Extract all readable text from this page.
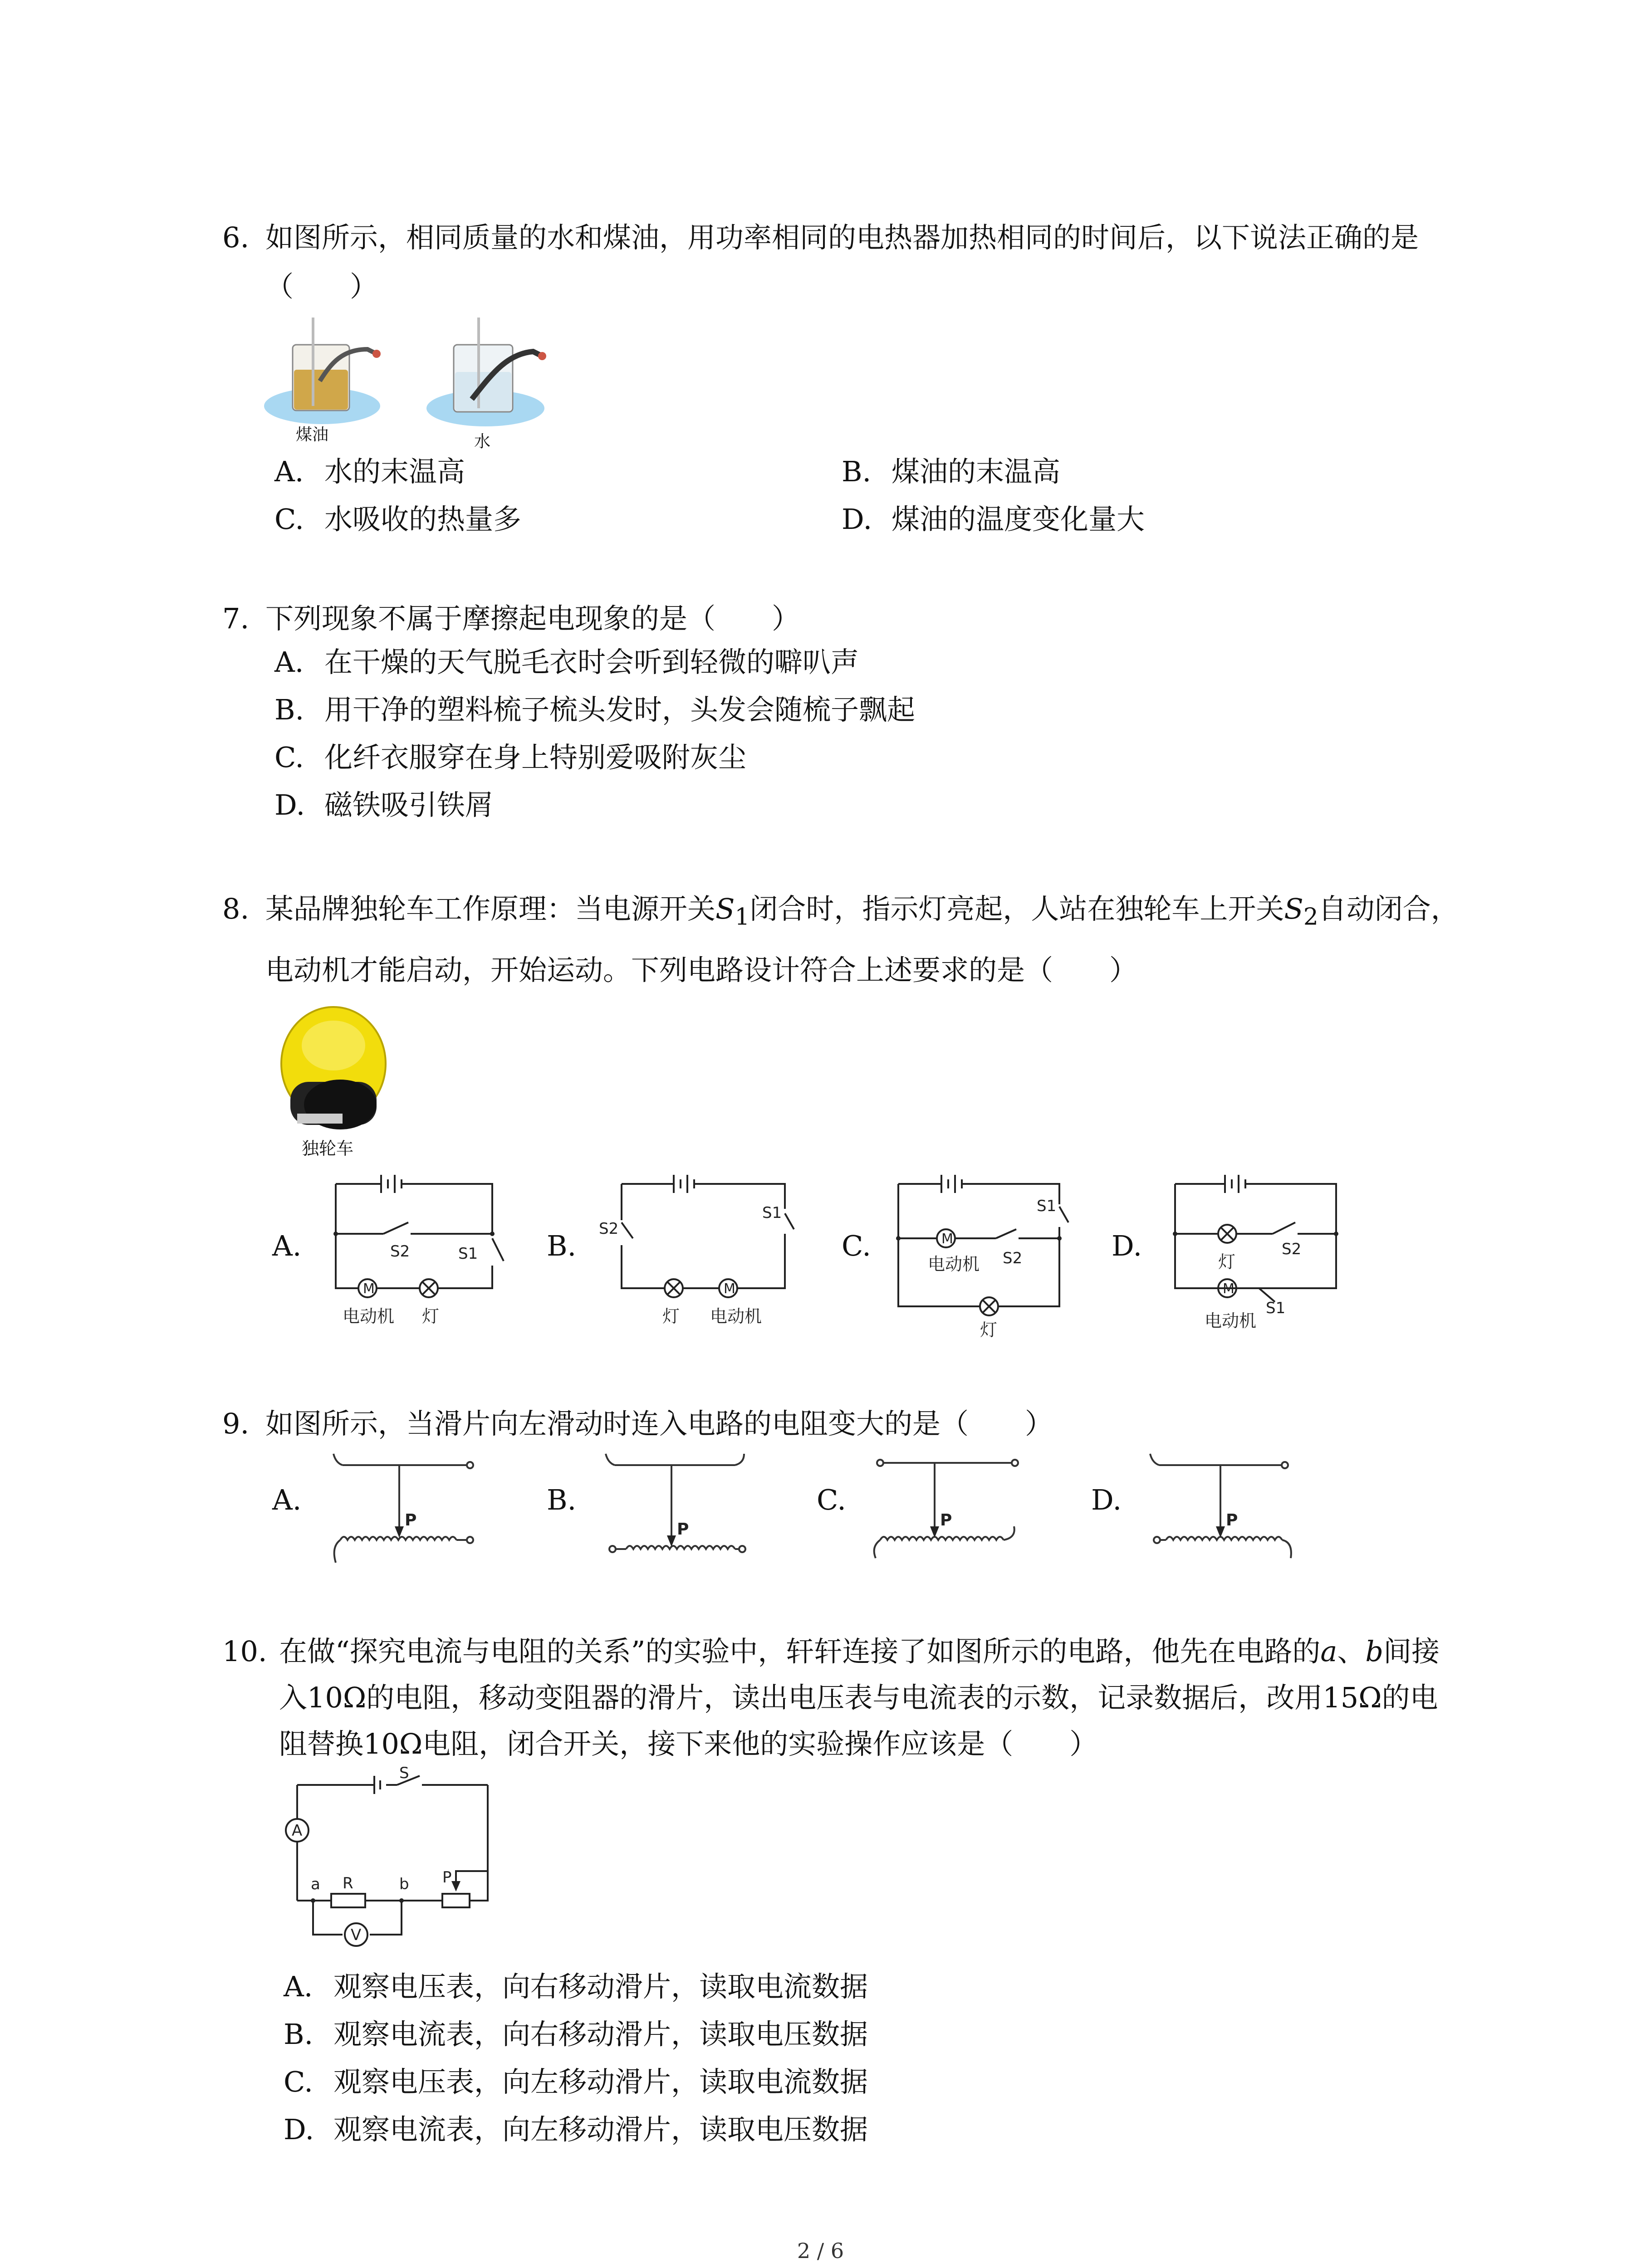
6. 如图所示，相同质量的水和煤油，用功率相同的电热器加热相同的时间后，以下说法正确的是（　　）
煤油	水
A. 水的末温高	B. 煤油的末温高
C. 水吸收的热量多	D. 煤油的温度变化量大
7. 下列现象不属于摩擦起电现象的是（　　）
A. 在干燥的天气脱毛衣时会听到轻微的噼叭声
B. 用干净的塑料梳子梳头发时，头发会随梳子飘起
C. 化纤衣服穿在身上特别爱吸附灰尘
D. 磁铁吸引铁屑
8. 某品牌独轮车工作原理：当电源开关$S_1$闭合时，指示灯亮起，人站在独轮车上开关$S_2$自动闭合，电动机才能启动，开始运动。下列电路设计符合上述要求的是（　　）
独轮车
A.
M
S2	S1
电动机 灯
B.
S2
S1
M
灯 电动机
C.	M
S1
电动机 S2
灯
D.	S2
灯
M
S1
电动机
9. 如图所示，当滑片向左滑动时连入电路的电阻变大的是（　　）
A.
P
B.
P
C.
P
D.
P
10. 在做“探究电流与电阻的关系”的实验中，轩轩连接了如图所示的电路，他先在电路的a、b间接入10Ω的电阻，移动变阻器的滑片，读出电压表与电流表的示数，记录数据后，改用15Ω的电阻替换10Ω电阻，闭合开关，接下来他的实验操作应该是（　　）
S
A
a R	b P
V
A. 观察电压表，向右移动滑片，读取电流数据
B. 观察电流表，向右移动滑片，读取电压数据
C. 观察电压表，向左移动滑片，读取电流数据
D. 观察电流表，向左移动滑片，读取电压数据
2 / 6
